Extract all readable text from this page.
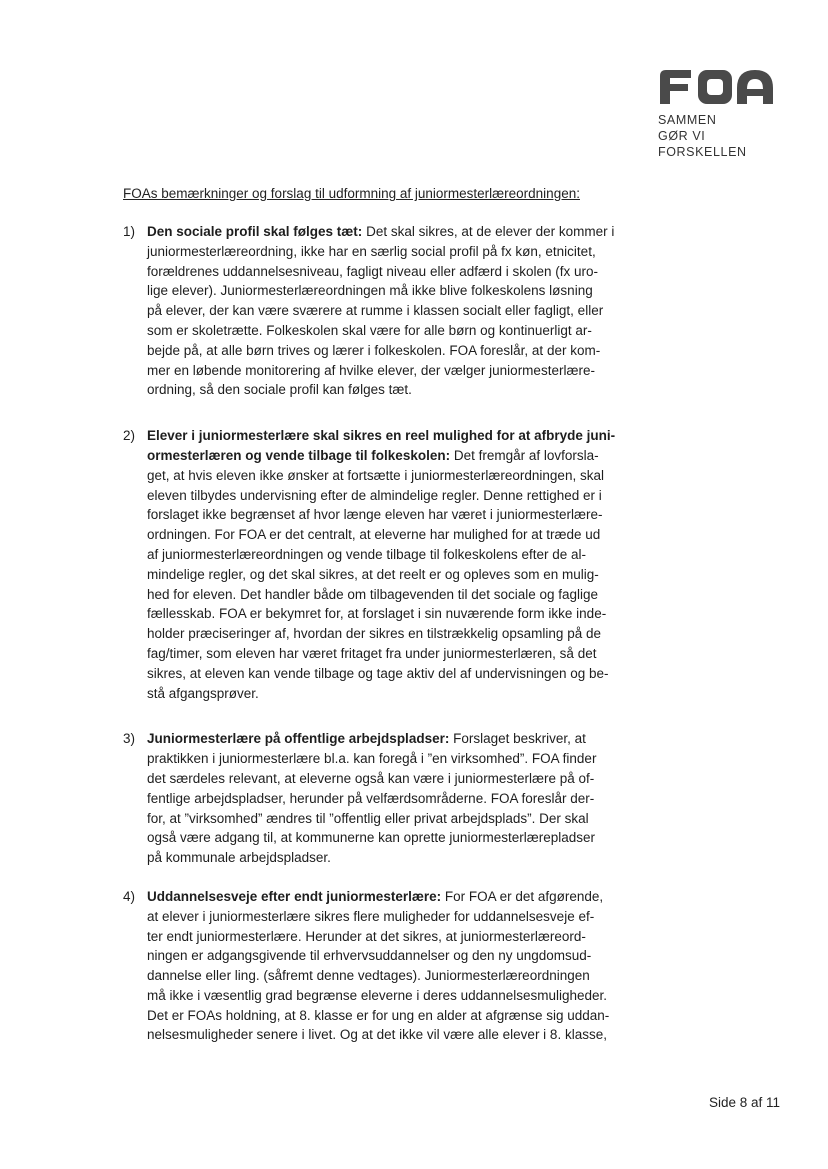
SAMMEN
GØR VI FORSKELLEN
FOAs bemærkninger og forslag til udformning af juniormesterlæreordningen:
1) Den sociale profil skal følges tæt: Det skal sikres, at de elever der kommer i
juniormesterlæreordning, ikke har en særlig social profil på fx køn, etnicitet,
forældrenes uddannelsesniveau, fagligt niveau eller adfærd i skolen (fx uro-
lige elever). Juniormesterlæreordningen må ikke blive folkeskolens løsning
på elever, der kan være sværere at rumme i klassen socialt eller fagligt, eller
som er skoletrætte. Folkeskolen skal være for alle børn og kontinuerligt ar-
bejde på, at alle børn trives og lærer i folkeskolen. FOA foreslår, at der kom-
mer en løbende monitorering af hvilke elever, der vælger juniormesterlære-
ordning, så den sociale profil kan følges tæt.
2) Elever i juniormesterlære skal sikres en reel mulighed for at afbryde juni-
ormesterlæren og vende tilbage til folkeskolen: Det fremgår af lovforsla-
get, at hvis eleven ikke ønsker at fortsætte i juniormesterlæreordningen, skal
eleven tilbydes undervisning efter de almindelige regler. Denne rettighed er i
forslaget ikke begrænset af hvor længe eleven har været i juniormesterlære-
ordningen. For FOA er det centralt, at eleverne har mulighed for at træde ud
af juniormesterlæreordningen og vende tilbage til folkeskolens efter de al-
mindelige regler, og det skal sikres, at det reelt er og opleves som en mulig-
hed for eleven. Det handler både om tilbagevenden til det sociale og faglige
fællesskab. FOA er bekymret for, at forslaget i sin nuværende form ikke inde-
holder præciseringer af, hvordan der sikres en tilstrækkelig opsamling på de
fag/timer, som eleven har været fritaget fra under juniormesterlæren, så det
sikres, at eleven kan vende tilbage og tage aktiv del af undervisningen og be-
stå afgangsprøver.
3) Juniormesterlære på offentlige arbejdspladser: Forslaget beskriver, at
praktikken i juniormesterlære bl.a. kan foregå i ”en virksomhed”. FOA finder
det særdeles relevant, at eleverne også kan være i juniormesterlære på of-
fentlige arbejdspladser, herunder på velfærdsområderne. FOA foreslår der-
for, at ”virksomhed” ændres til ”offentlig eller privat arbejdsplads”. Der skal
også være adgang til, at kommunerne kan oprette juniormesterlærepladser
på kommunale arbejdspladser.
4) Uddannelsesveje efter endt juniormesterlære: For FOA er det afgørende,
at elever i juniormesterlære sikres flere muligheder for uddannelsesveje ef-
ter endt juniormesterlære. Herunder at det sikres, at juniormesterlæreord-
ningen er adgangsgivende til erhvervsuddannelser og den ny ungdomsud-
dannelse eller ling. (såfremt denne vedtages). Juniormesterlæreordningen
må ikke i væsentlig grad begrænse eleverne i deres uddannelsesmuligheder.
Det er FOAs holdning, at 8. klasse er for ung en alder at afgrænse sig uddan-
nelsesmuligheder senere i livet. Og at det ikke vil være alle elever i 8. klasse,
Side 8 af 11
